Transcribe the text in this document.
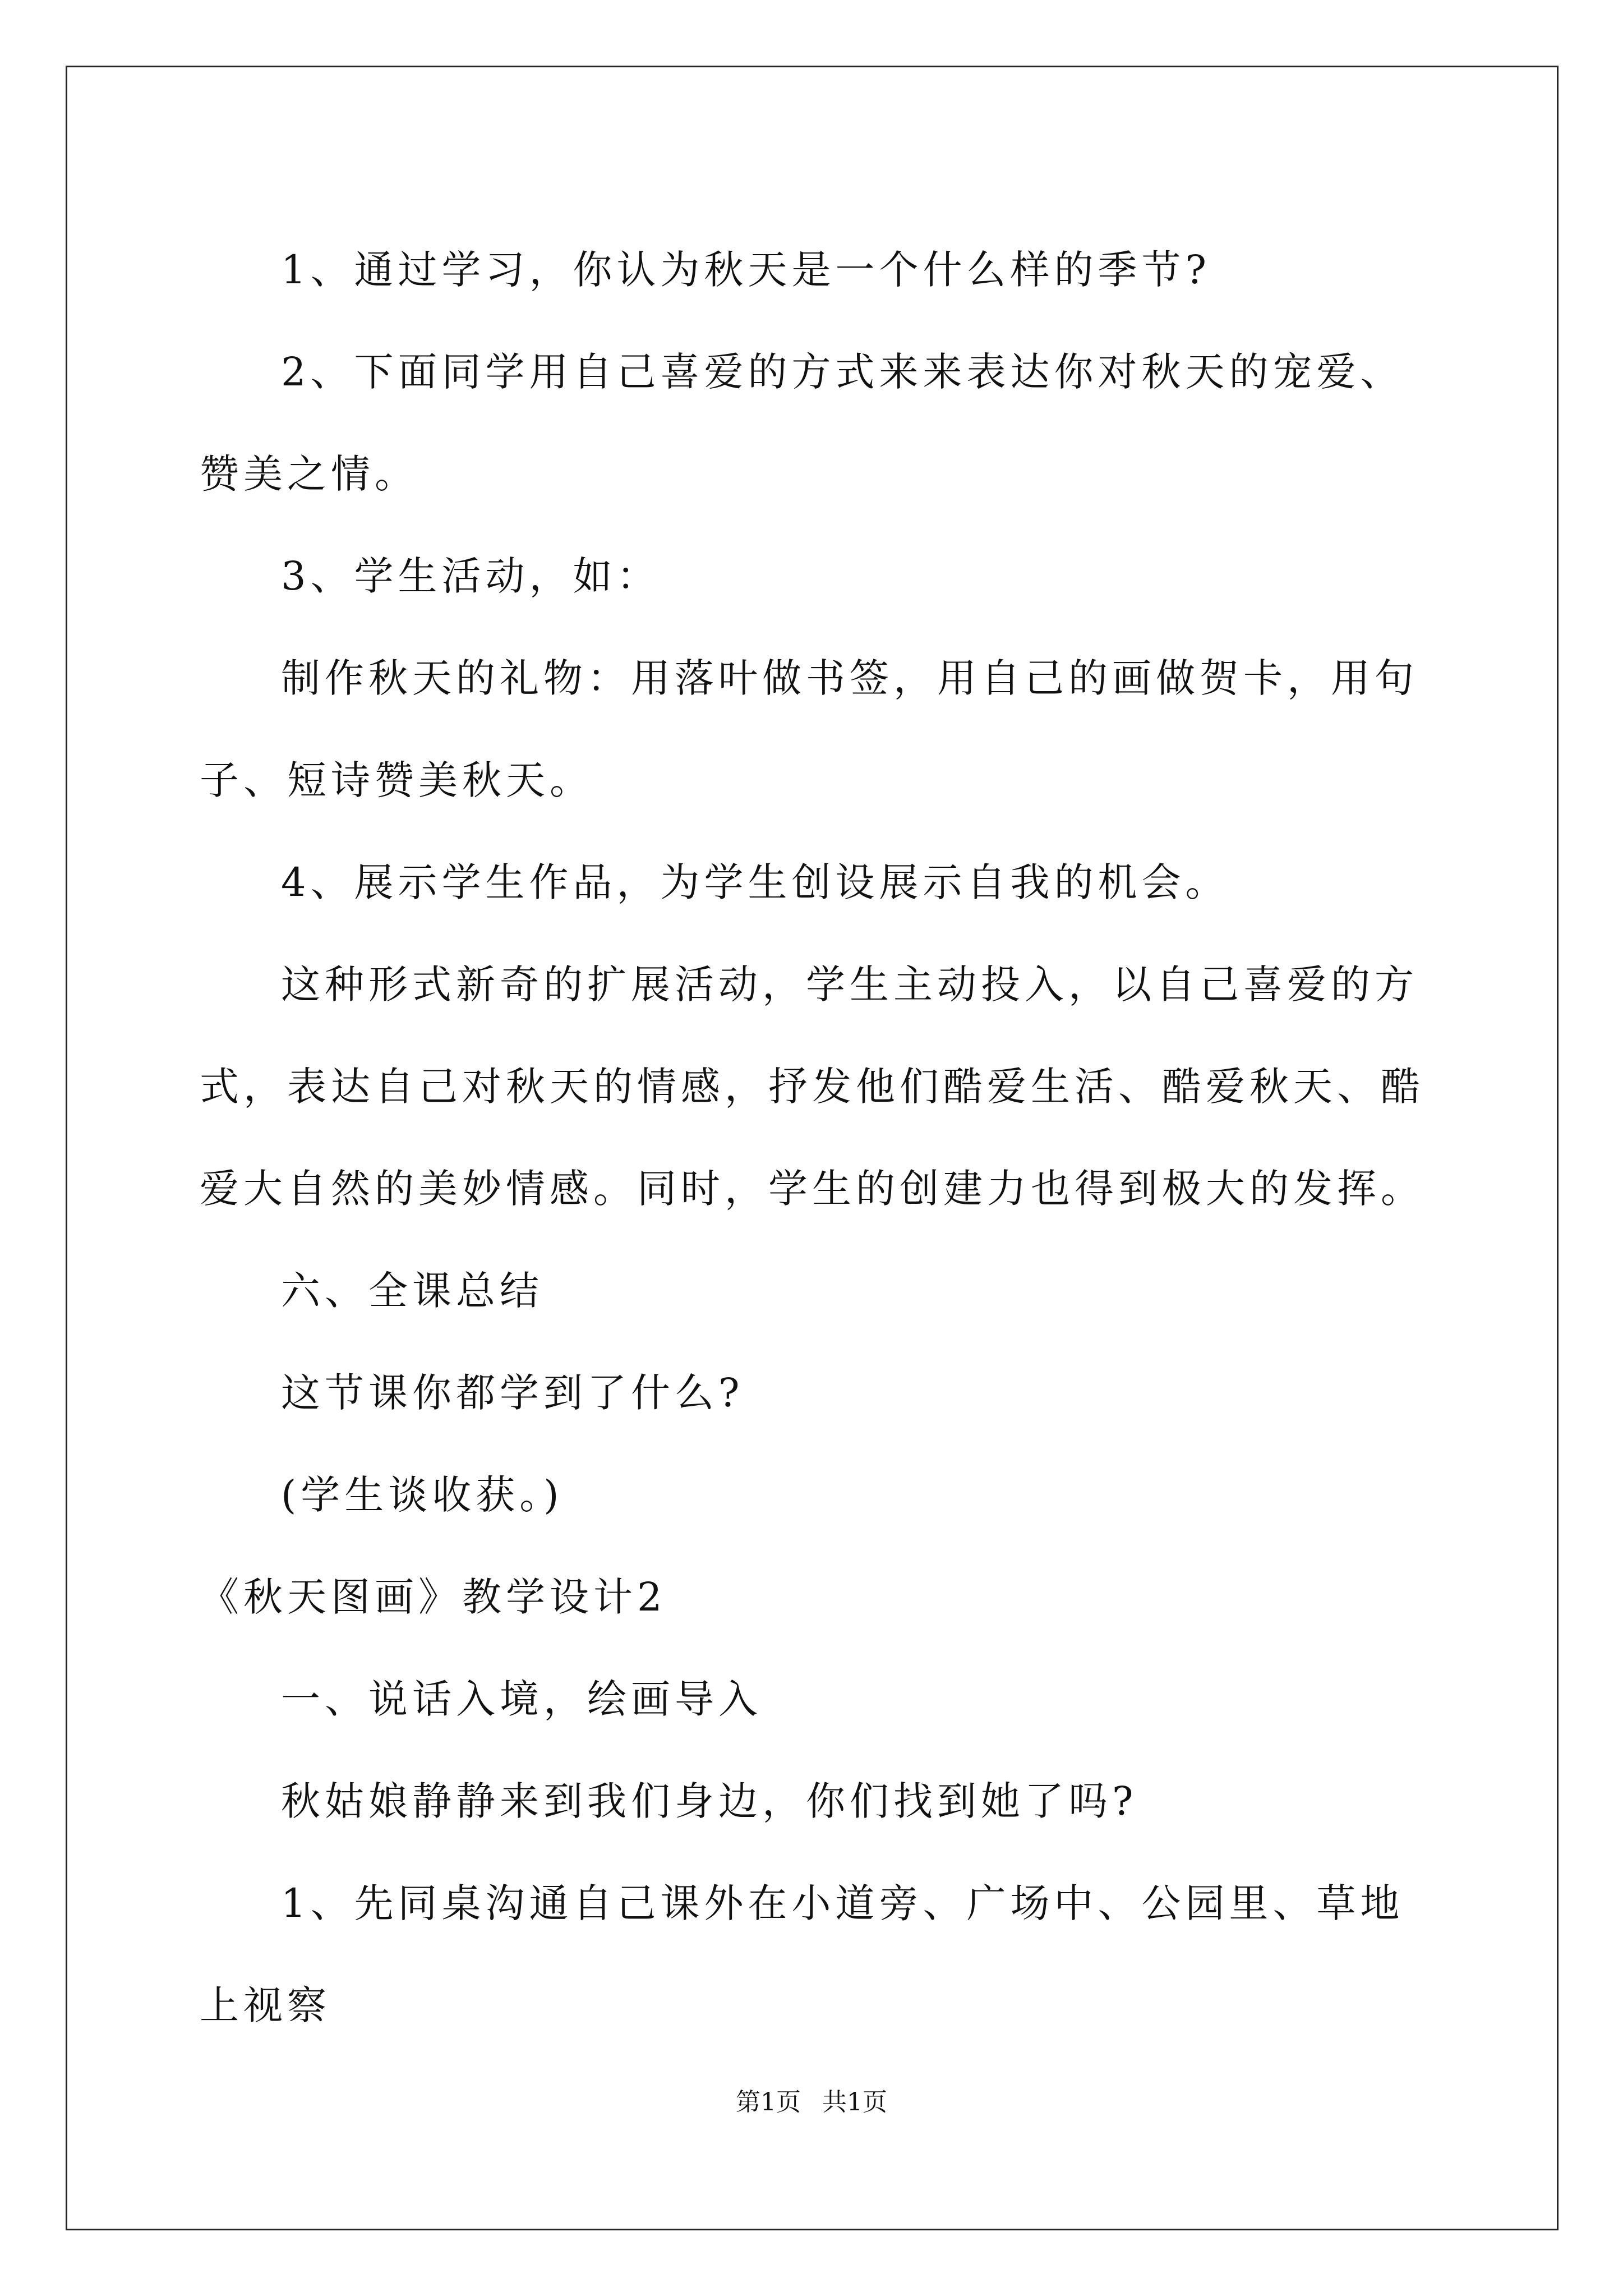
1、通过学习，你认为秋天是一个什么样的季节?

2、下面同学用自己喜爱的方式来来表达你对秋天的宠爱、赞美之情。

3、学生活动，如：

制作秋天的礼物：用落叶做书签，用自己的画做贺卡，用句子、短诗赞美秋天。

4、展示学生作品，为学生创设展示自我的机会。

这种形式新奇的扩展活动，学生主动投入，以自己喜爱的方式，表达自己对秋天的情感，抒发他们酷爱生活、酷爱秋天、酷爱大自然的美妙情感。同时，学生的创建力也得到极大的发挥。

六、全课总结

这节课你都学到了什么?

(学生谈收获。)

《秋天图画》教学设计2

一、说话入境，绘画导入

秋姑娘静静来到我们身边，你们找到她了吗?

1、先同桌沟通自己课外在小道旁、广场中、公园里、草地上视察

第1页 共1页
